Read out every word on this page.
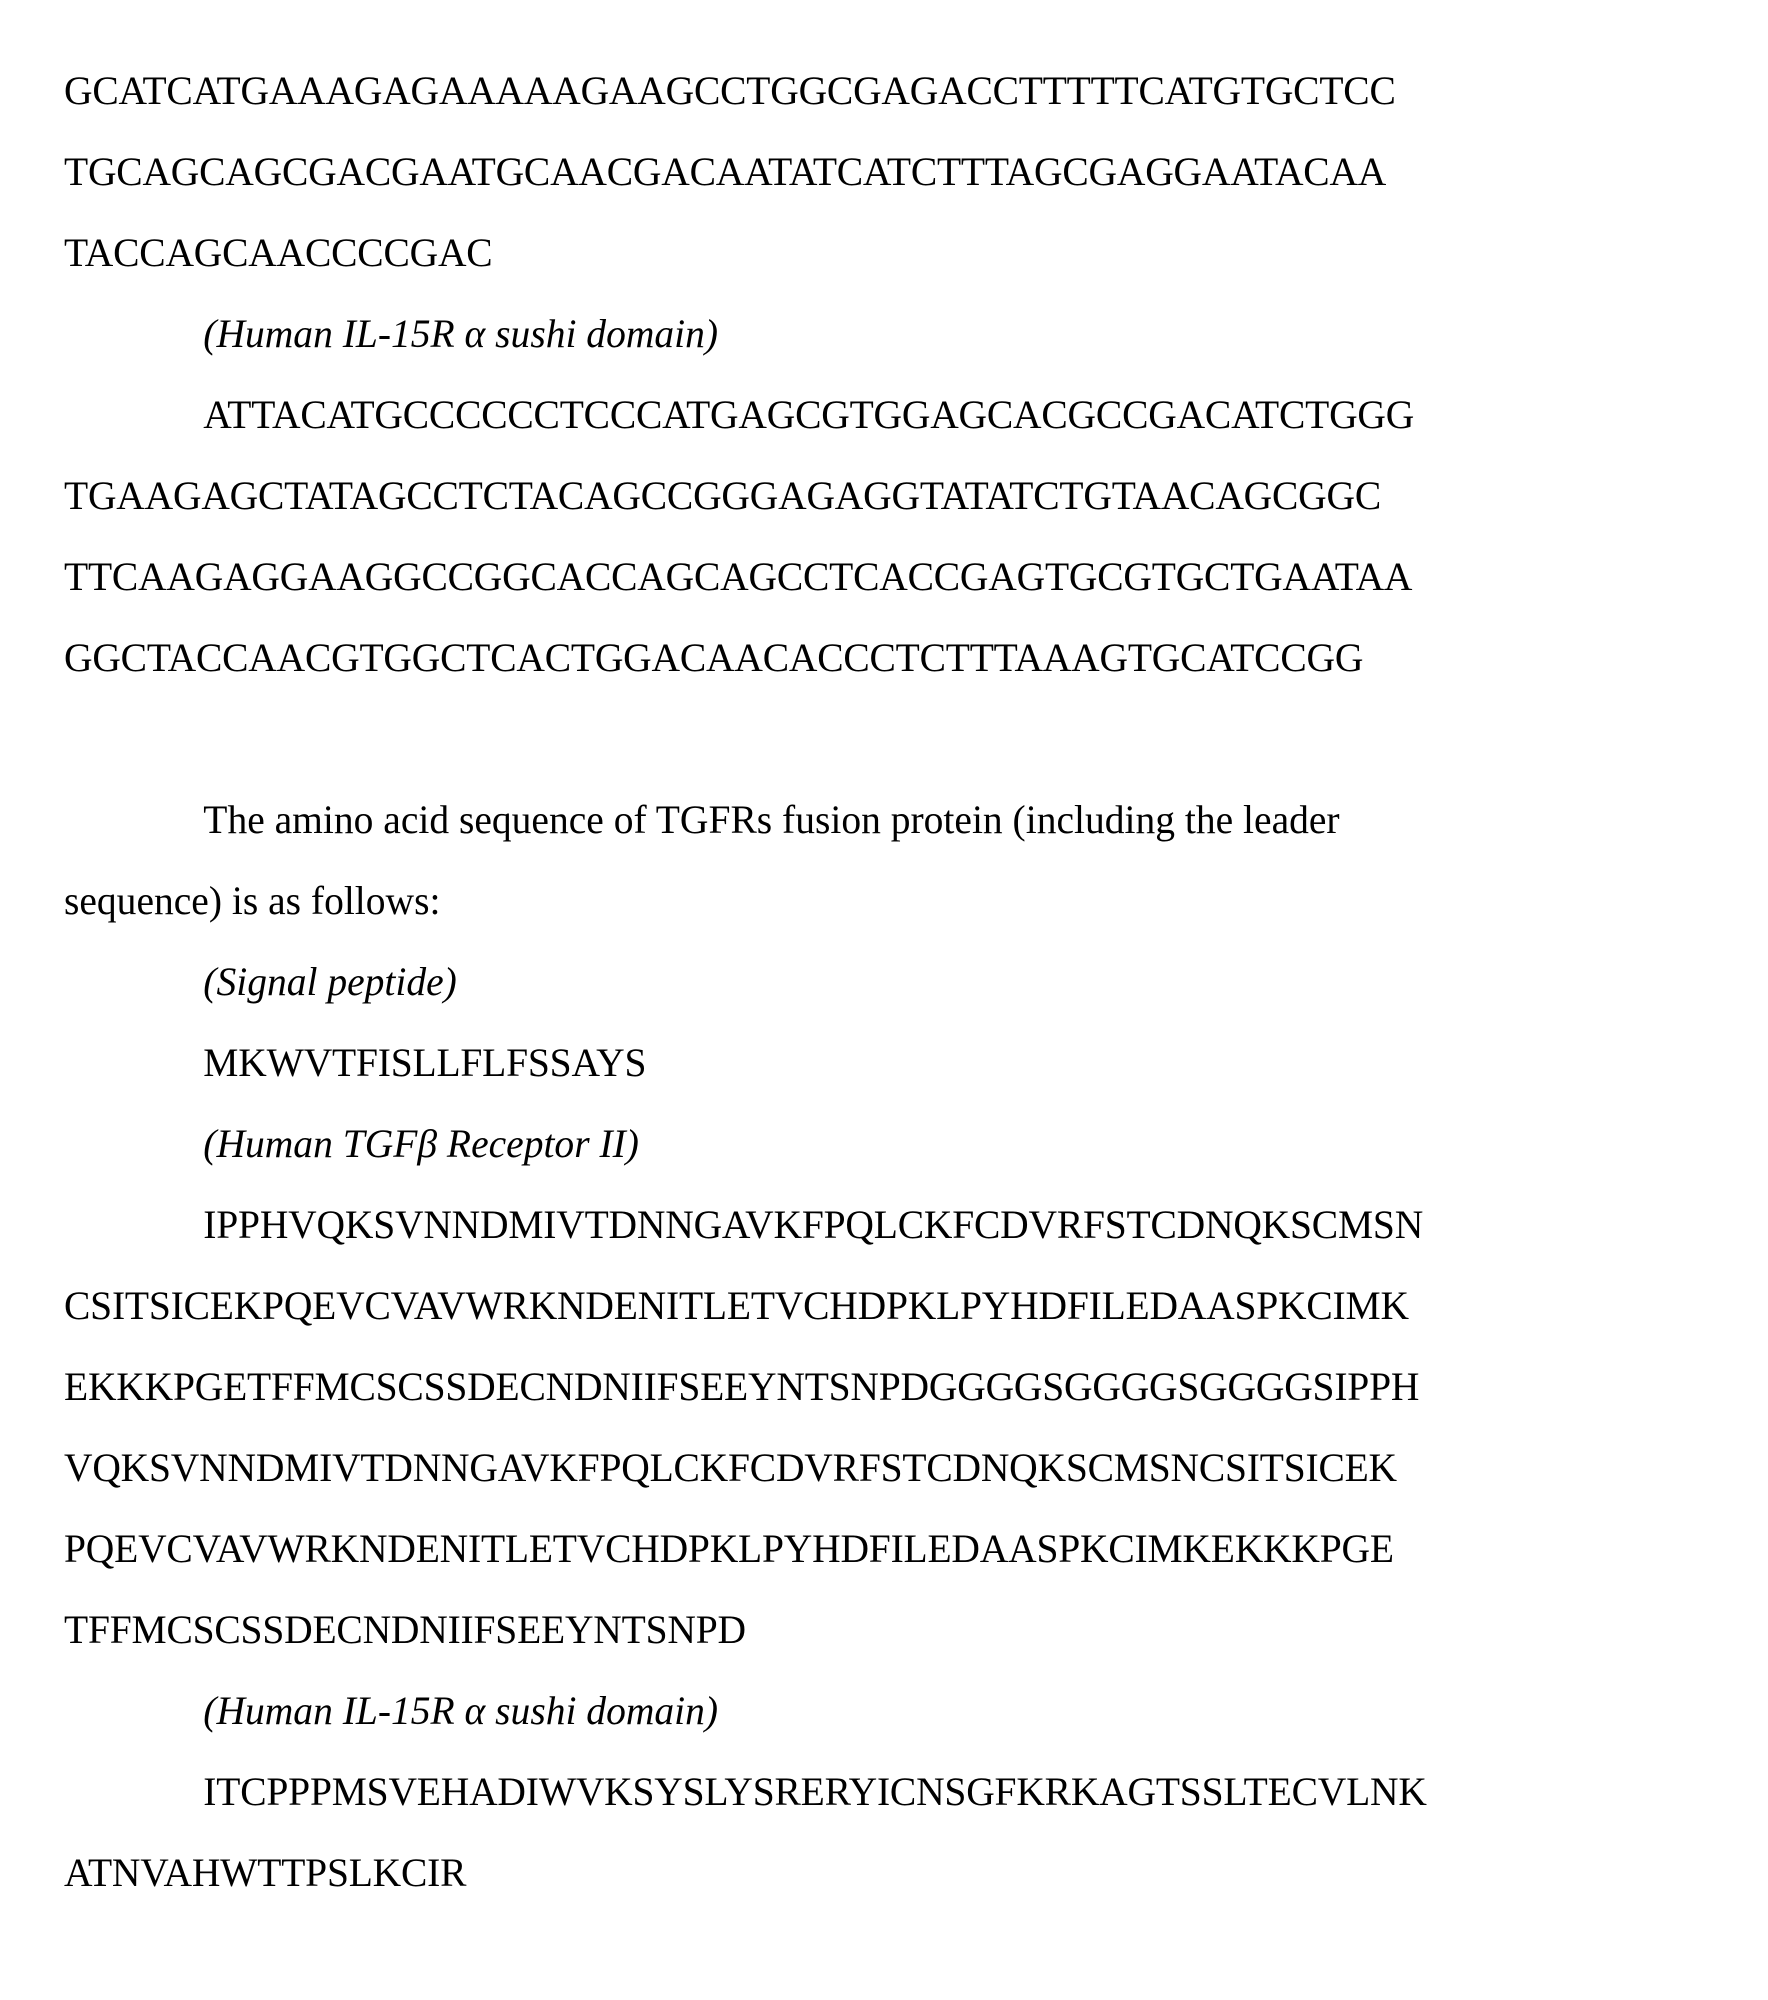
GCATCATGAAAGAGAAAAAGAAGCCTGGCGAGACCTTTTTCATGTGCTCC
TGCAGCAGCGACGAATGCAACGACAATATCATCTTTAGCGAGGAATACAA
TACCAGCAACCCCGAC
(Human IL-15R α sushi domain)
ATTACATGCCCCCCTCCCATGAGCGTGGAGCACGCCGACATCTGGG
TGAAGAGCTATAGCCTCTACAGCCGGGAGAGGTATATCTGTAACAGCGGC
TTCAAGAGGAAGGCCGGCACCAGCAGCCTCACCGAGTGCGTGCTGAATAA
GGCTACCAACGTGGCTCACTGGACAACACCCTCTTTAAAGTGCATCCGG
The amino acid sequence of TGFRs fusion protein (including the leader
sequence) is as follows:
(Signal peptide)
MKWVTFISLLFLFSSAYS
(Human TGFβ Receptor II)
IPPHVQKSVNNDMIVTDNNGAVKFPQLCKFCDVRFSTCDNQKSCMSN
CSITSICEKPQEVCVAVWRKNDENITLETVCHDPKLPYHDFILEDAASPKCIMK
EKKKPGETFFMCSCSSDECNDNIIFSEEYNTSNPDGGGGSGGGGSGGGGSIPPH
VQKSVNNDMIVTDNNGAVKFPQLCKFCDVRFSTCDNQKSCMSNCSITSICEK
PQEVCVAVWRKNDENITLETVCHDPKLPYHDFILEDAASPKCIMKEKKKPGE
TFFMCSCSSDECNDNIIFSEEYNTSNPD
(Human IL-15R α sushi domain)
ITCPPPMSVEHADIWVKSYSLYSRERYICNSGFKRKAGTSSLTECVLNK
ATNVAHWTTPSLKCIR
